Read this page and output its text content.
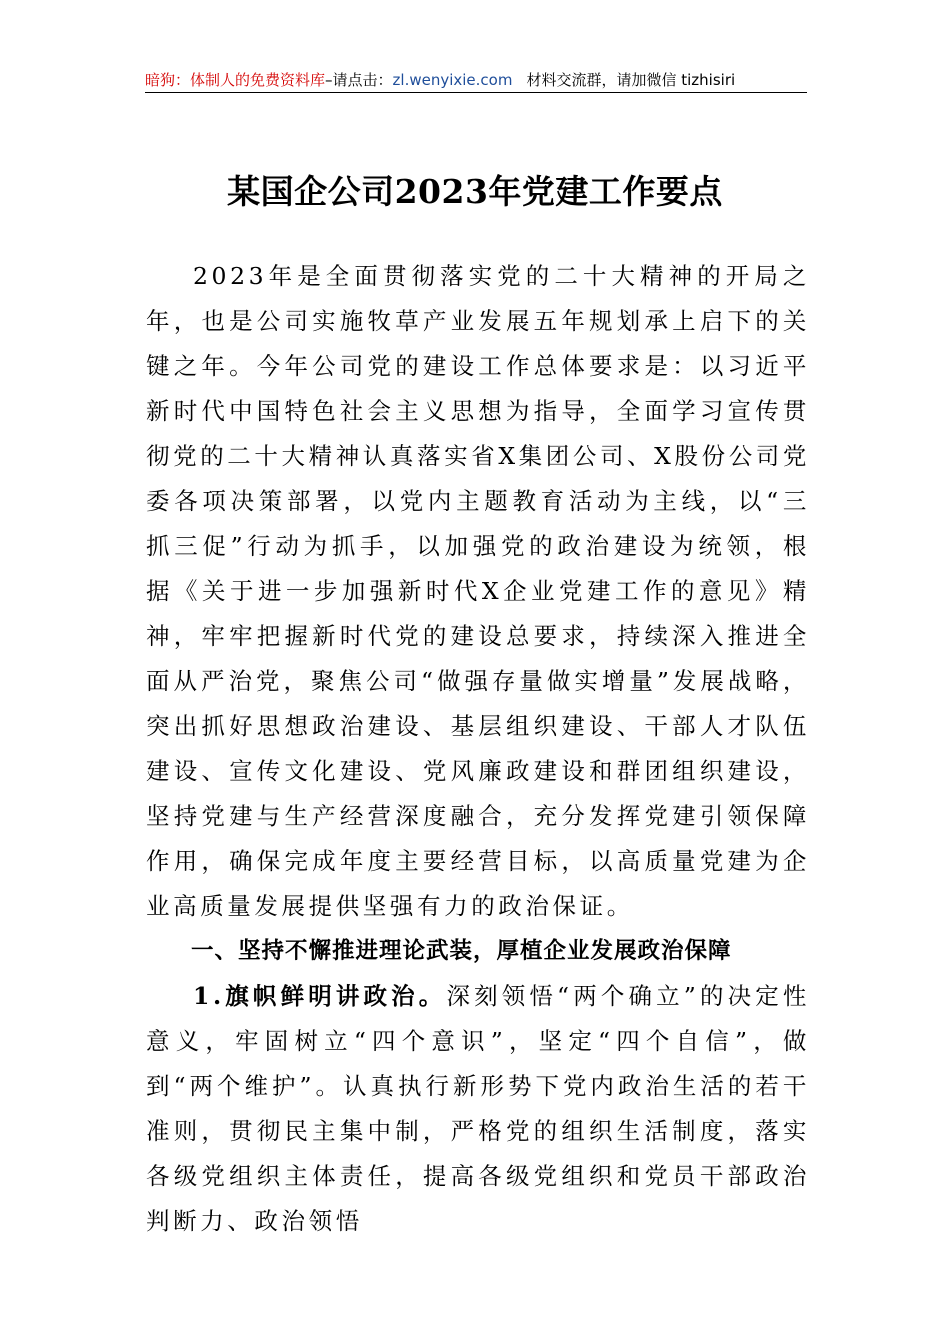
暗狗：体制人的免费资料库–请点击：zl.wenyixie.com 材料交流群，请加微信 tizhisiri
某国企公司2023年党建工作要点

2023年是全面贯彻落实党的二十大精神的开局之年，也是公司实施牧草产业发展五年规划承上启下的关键之年。今年公司党的建设工作总体要求是：以习近平新时代中国特色社会主义思想为指导，全面学习宣传贯彻党的二十大精神认真落实省X集团公司、X股份公司党委各项决策部署，以党内主题教育活动为主线，以“三抓三促”行动为抓手，以加强党的政治建设为统领，根据《关于进一步加强新时代X企业党建工作的意见》精神，牢牢把握新时代党的建设总要求，持续深入推进全面从严治党，聚焦公司“做强存量做实增量”发展战略，突出抓好思想政治建设、基层组织建设、干部人才队伍建设、宣传文化建设、党风廉政建设和群团组织建设，坚持党建与生产经营深度融合，充分发挥党建引领保障作用，确保完成年度主要经营目标，以高质量党建为企业高质量发展提供坚强有力的政治保证。

一、坚持不懈推进理论武装，厚植企业发展政治保障

1.旗帜鲜明讲政治。深刻领悟“两个确立”的决定性意义，牢固树立“四个意识”，坚定“四个自信”，做到“两个维护”。认真执行新形势下党内政治生活的若干准则，贯彻民主集中制，严格党的组织生活制度，落实各级党组织主体责任，提高各级党组织和党员干部政治判断力、政治领悟
